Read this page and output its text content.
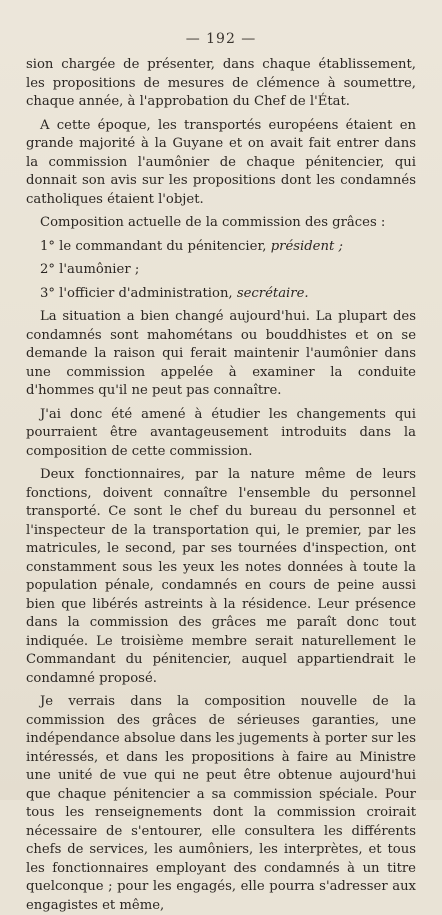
— 192 —

sion chargée de présenter, dans chaque établissement, les propositions de mesures de clémence à soumettre, chaque année, à l'approbation du Chef de l'État.

A cette époque, les transportés européens étaient en grande majorité à la Guyane et on avait fait entrer dans la commission l'aumônier de chaque pénitencier, qui donnait son avis sur les propositions dont les condamnés catholiques étaient l'objet.

Composition actuelle de la commission des grâces :

1° le commandant du pénitencier, président ;
2° l'aumônier ;
3° l'officier d'administration, secrétaire.

La situation a bien changé aujourd'hui. La plupart des condamnés sont mahométans ou bouddhistes et on se demande la raison qui ferait maintenir l'aumônier dans une commission appelée à examiner la conduite d'hommes qu'il ne peut pas connaître.

J'ai donc été amené à étudier les changements qui pourraient être avantageusement introduits dans la composition de cette commission.

Deux fonctionnaires, par la nature même de leurs fonctions, doivent connaître l'ensemble du personnel transporté. Ce sont le chef du bureau du personnel et l'inspecteur de la transportation qui, le premier, par les matricules, le second, par ses tournées d'inspection, ont constamment sous les yeux les notes données à toute la population pénale, condamnés en cours de peine aussi bien que libérés astreints à la résidence. Leur présence dans la commission des grâces me paraît donc tout indiquée. Le troisième membre serait naturellement le Commandant du pénitencier, auquel appartiendrait le condamné proposé.

Je verrais dans la composition nouvelle de la commission des grâces de sérieuses garanties, une indépendance absolue dans les jugements à porter sur les intéressés, et dans les propositions à faire au Ministre une unité de vue qui ne peut être obtenue aujourd'hui que chaque pénitencier a sa commission spéciale. Pour tous les renseignements dont la commission croirait nécessaire de s'entourer, elle consultera les différents chefs de services, les aumôniers, les interprètes, et tous les fonctionnaires employant des condamnés à un titre quelconque ; pour les engagés, elle pourra s'adresser aux engagistes et même,
